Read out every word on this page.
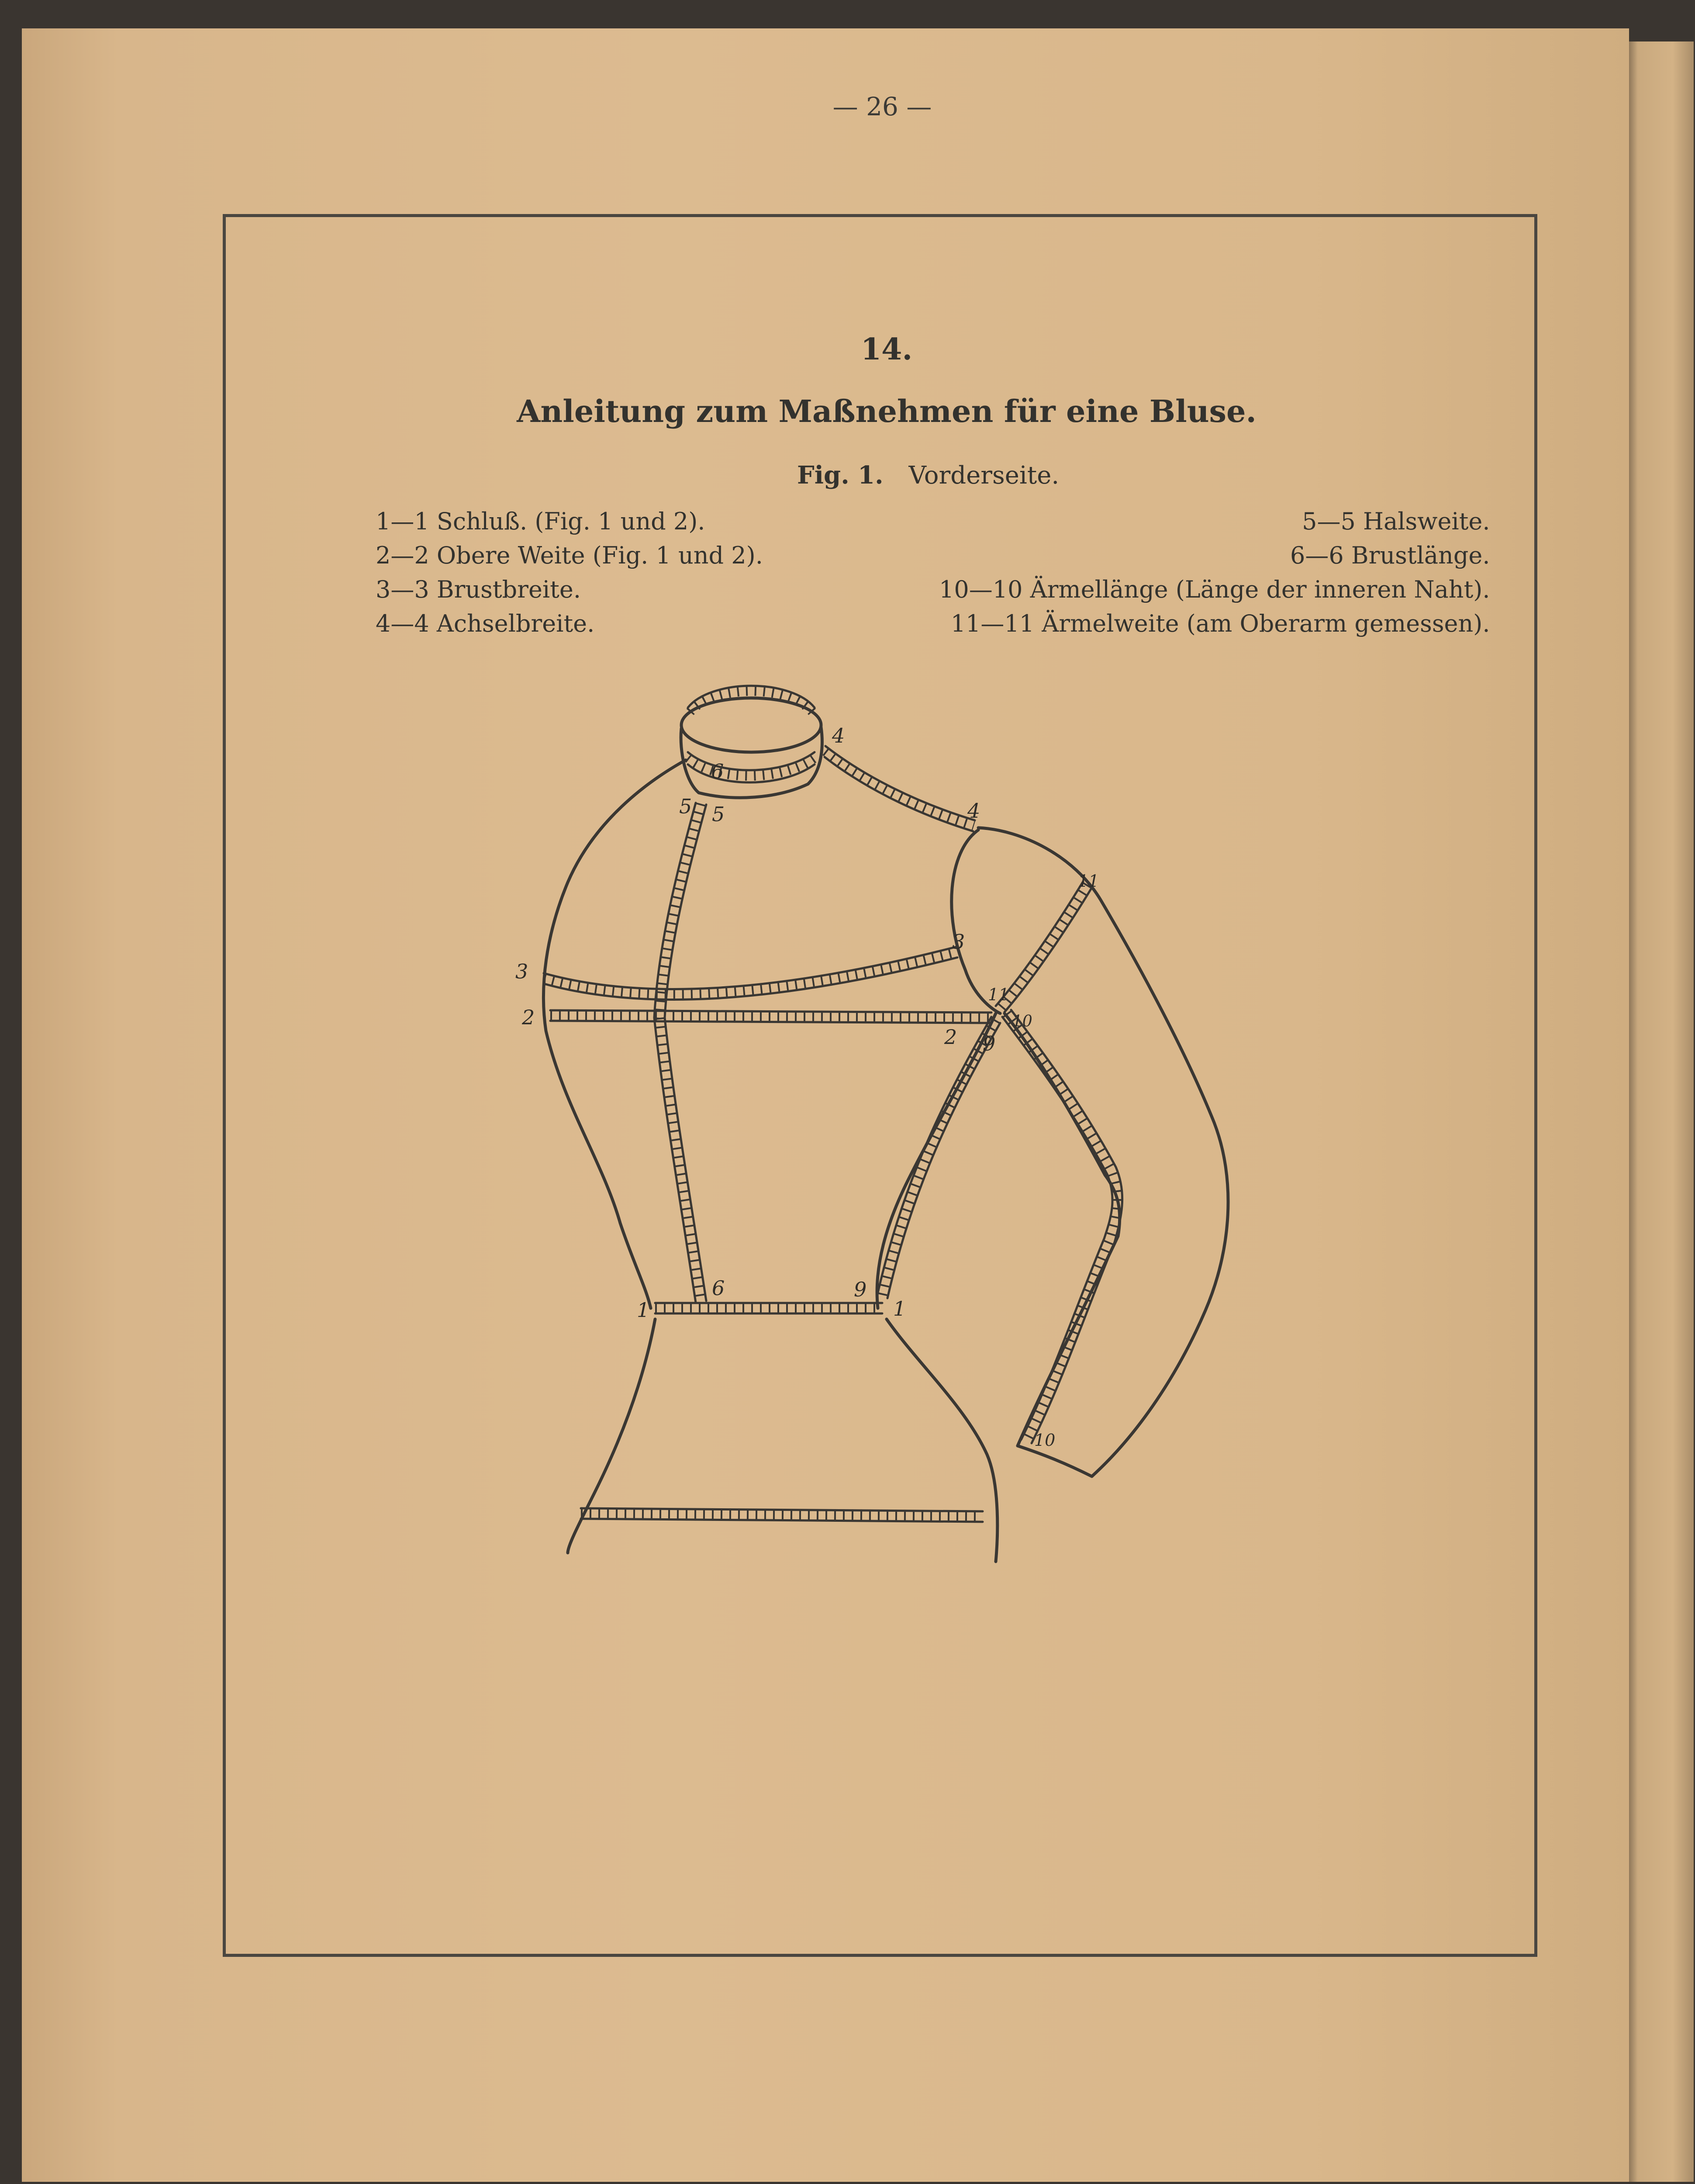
— 26 —
14.
Anleitung zum Maßnehmen für eine Bluse.
Fig. 1. Vorderseite.
1—1 Schluß. (Fig. 1 und 2).
2—2 Obere Weite (Fig. 1 und 2).
3—3 Brustbreite.
4—4 Achselbreite.
5—5 Halsweite.
6—6 Brustlänge.
10—10 Ärmellänge (Länge der inneren Naht).
11—11 Ärmelweite (am Oberarm gemessen).
6
5 5
4
4
3
3
2
2
11
11
10
9
10
1
6	9
1
